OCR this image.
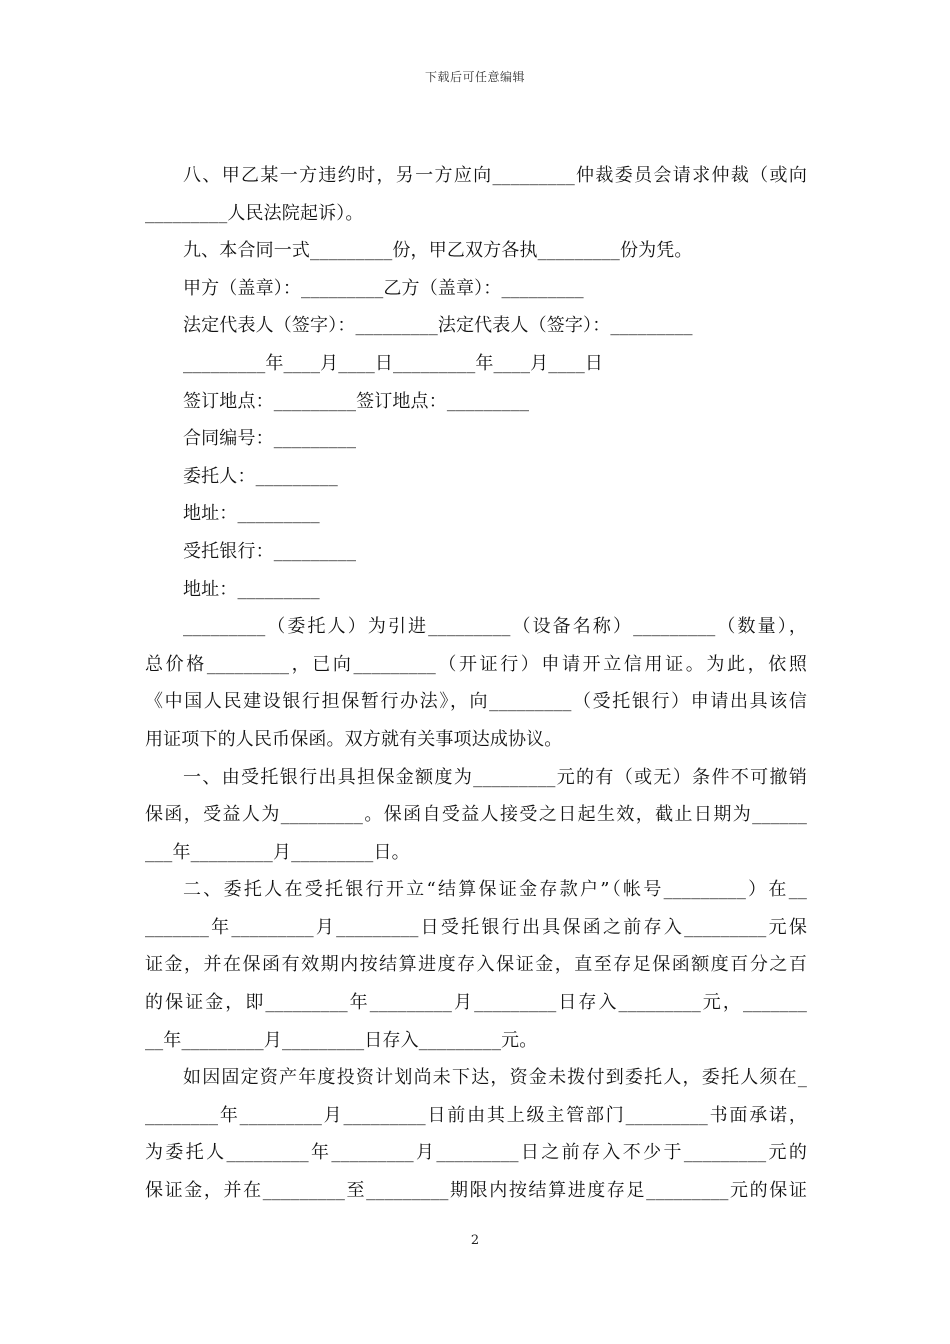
下载后可任意编辑
八、甲乙某一方违约时，另一方应向_________仲裁委员会请求仲裁（或向
_________人民法院起诉）。
九、本合同一式_________份，甲乙双方各执_________份为凭。
甲方（盖章）：_________乙方（盖章）：_________
法定代表人（签字）：_________法定代表人（签字）：_________
_________年____月____日_________年____月____日
签订地点：_________签订地点：_________
合同编号：_________
委托人：_________
地址：_________
受托银行：_________
地址：_________
_________（委托人）为引进_________（设备名称）_________（数量），
总价格_________，已向_________（开证行）申请开立信用证。为此，依照
《中国人民建设银行担保暂行办法》，向_________（受托银行）申请出具该信
用证项下的人民币保函。双方就有关事项达成协议。
一、由受托银行出具担保金额度为_________元的有（或无）条件不可撤销
保函，受益人为_________。保函自受益人接受之日起生效，截止日期为______
___年_________月_________日。
二、委托人在受托银行开立“结算保证金存款户”（帐号_________）在__
_______年_________月_________日受托银行出具保函之前存入_________元保
证金，并在保函有效期内按结算进度存入保证金，直至存足保函额度百分之百
的保证金，即_________年_________月_________日存入_________元，_______
__年_________月_________日存入_________元。
如因固定资产年度投资计划尚未下达，资金未拨付到委托人，委托人须在_
________年_________月_________日前由其上级主管部门_________书面承诺，
为委托人_________年_________月_________日之前存入不少于_________元的
保证金，并在_________至_________期限内按结算进度存足_________元的保证
2
